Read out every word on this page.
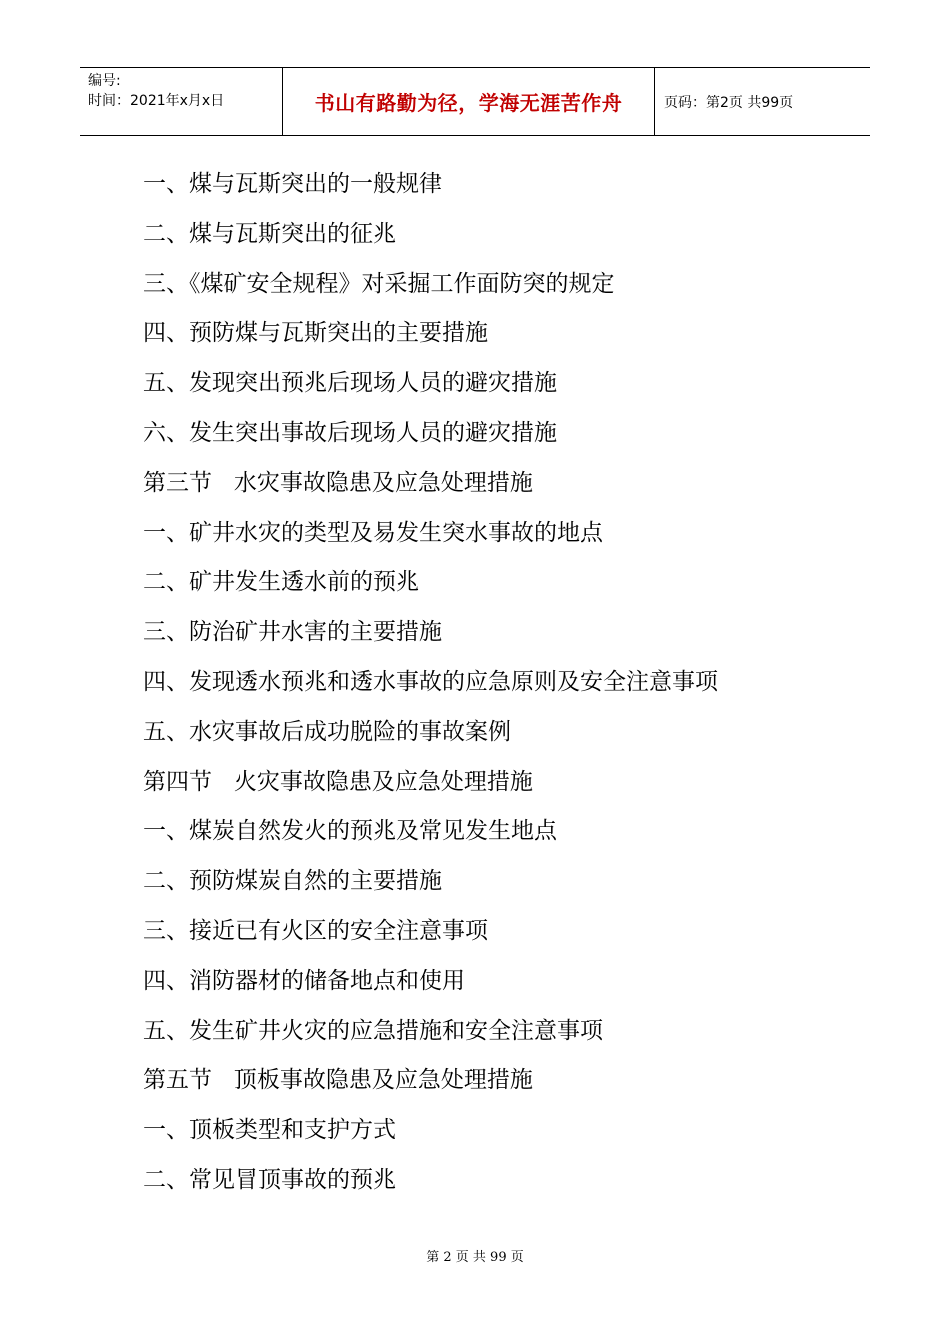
编号:
时间：2021年x月x日	书山有路勤为径，学海无涯苦作舟	页码：第2页 共99页
一、煤与瓦斯突出的一般规律
二、煤与瓦斯突出的征兆
三、《煤矿安全规程》对采掘工作面防突的规定
四、预防煤与瓦斯突出的主要措施
五、发现突出预兆后现场人员的避灾措施
六、发生突出事故后现场人员的避灾措施
第三节   水灾事故隐患及应急处理措施
一、矿井水灾的类型及易发生突水事故的地点
二、矿井发生透水前的预兆
三、防治矿井水害的主要措施
四、发现透水预兆和透水事故的应急原则及安全注意事项
五、水灾事故后成功脱险的事故案例
第四节   火灾事故隐患及应急处理措施
一、煤炭自然发火的预兆及常见发生地点
二、预防煤炭自然的主要措施
三、接近已有火区的安全注意事项
四、消防器材的储备地点和使用
五、发生矿井火灾的应急措施和安全注意事项
第五节   顶板事故隐患及应急处理措施
一、顶板类型和支护方式
二、常见冒顶事故的预兆
第 2 页 共 99 页
